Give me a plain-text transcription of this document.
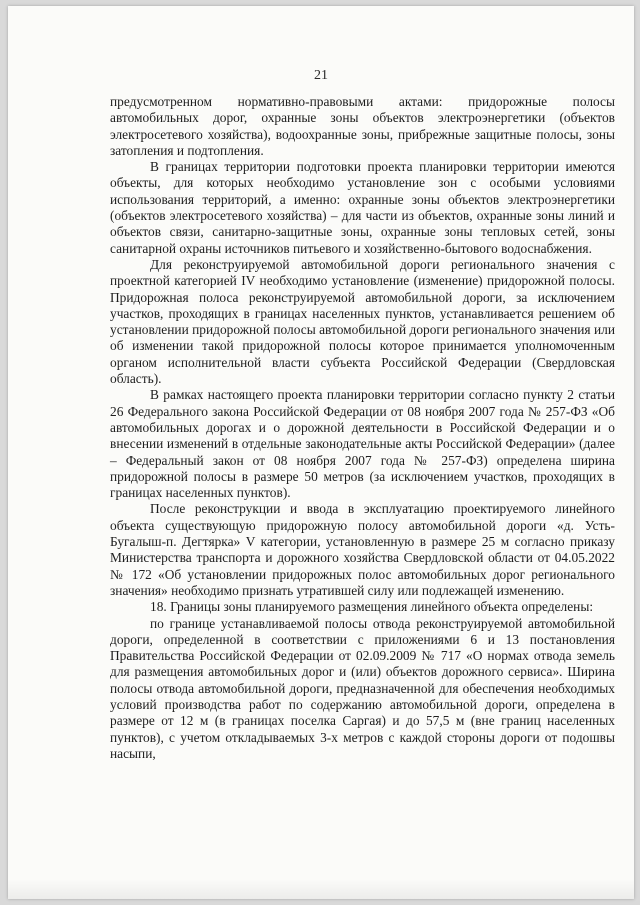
21

предусмотренном нормативно-правовыми актами: придорожные полосы автомобильных дорог, охранные зоны объектов электроэнергетики (объектов электросетевого хозяйства), водоохранные зоны, прибрежные защитные полосы, зоны затопления и подтопления.

В границах территории подготовки проекта планировки территории имеются объекты, для которых необходимо установление зон с особыми условиями использования территорий, а именно: охранные зоны объектов электроэнергетики (объектов электросетевого хозяйства) – для части из объектов, охранные зоны линий и объектов связи, санитарно-защитные зоны, охранные зоны тепловых сетей, зоны санитарной охраны источников питьевого и хозяйственно-бытового водоснабжения.

Для реконструируемой автомобильной дороги регионального значения с проектной категорией IV необходимо установление (изменение) придорожной полосы. Придорожная полоса реконструируемой автомобильной дороги, за исключением участков, проходящих в границах населенных пунктов, устанавливается решением об установлении придорожной полосы автомобильной дороги регионального значения или об изменении такой придорожной полосы которое принимается уполномоченным органом исполнительной власти субъекта Российской Федерации (Свердловская область).

В рамках настоящего проекта планировки территории согласно пункту 2 статьи 26 Федерального закона Российской Федерации от 08 ноября 2007 года № 257-ФЗ «Об автомобильных дорогах и о дорожной деятельности в Российской Федерации и о внесении изменений в отдельные законодательные акты Российской Федерации» (далее – Федеральный закон от 08 ноября 2007 года № 257-ФЗ) определена ширина придорожной полосы в размере 50 метров (за исключением участков, проходящих в границах населенных пунктов).

После реконструкции и ввода в эксплуатацию проектируемого линейного объекта существующую придорожную полосу автомобильной дороги «д. Усть-Бугалыш-п. Дегтярка» V категории, установленную в размере 25 м согласно приказу Министерства транспорта и дорожного хозяйства Свердловской области от 04.05.2022 № 172 «Об установлении придорожных полос автомобильных дорог регионального значения» необходимо признать утратившей силу или подлежащей изменению.

18. Границы зоны планируемого размещения линейного объекта определены:

по границе устанавливаемой полосы отвода реконструируемой автомобильной дороги, определенной в соответствии с приложениями 6 и 13 постановления Правительства Российской Федерации от 02.09.2009 № 717 «О нормах отвода земель для размещения автомобильных дорог и (или) объектов дорожного сервиса». Ширина полосы отвода автомобильной дороги, предназначенной для обеспечения необходимых условий производства работ по содержанию автомобильной дороги, определена в размере от 12 м (в границах поселка Саргая) и до 57,5 м (вне границ населенных пунктов), с учетом откладываемых 3-х метров с каждой стороны дороги от подошвы насыпи,
